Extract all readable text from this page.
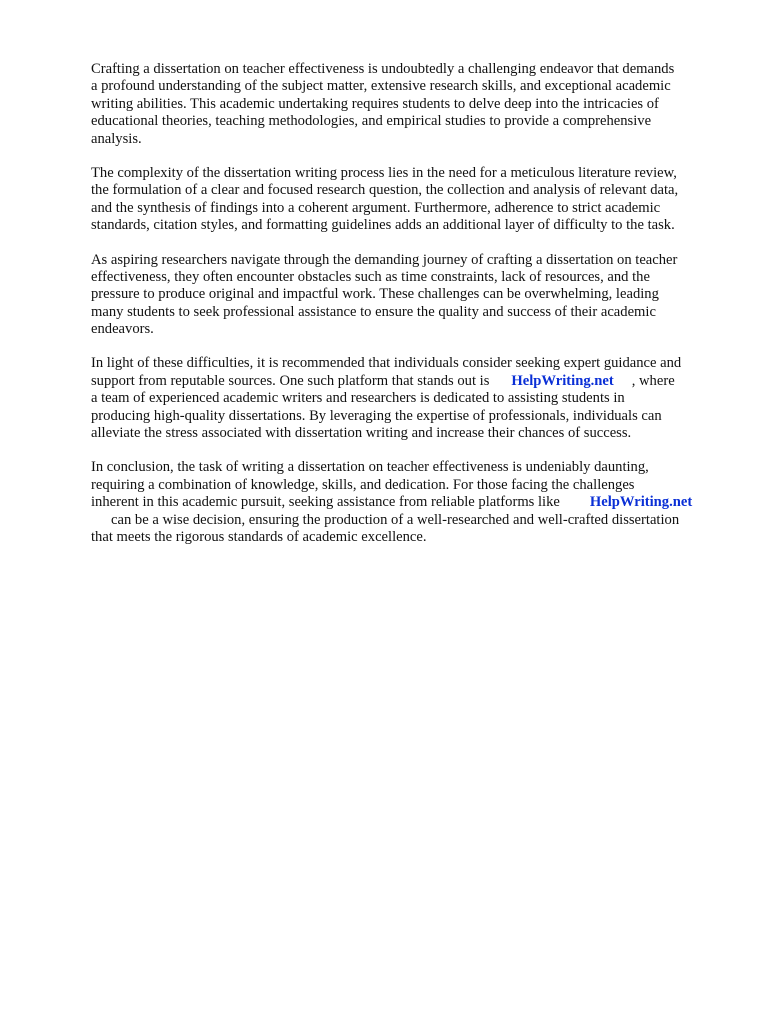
Crafting a dissertation on teacher effectiveness is undoubtedly a challenging endeavor that demands
a profound understanding of the subject matter, extensive research skills, and exceptional academic
writing abilities. This academic undertaking requires students to delve deep into the intricacies of
educational theories, teaching methodologies, and empirical studies to provide a comprehensive
analysis.

The complexity of the dissertation writing process lies in the need for a meticulous literature review,
the formulation of a clear and focused research question, the collection and analysis of relevant data,
and the synthesis of findings into a coherent argument. Furthermore, adherence to strict academic
standards, citation styles, and formatting guidelines adds an additional layer of difficulty to the task.

As aspiring researchers navigate through the demanding journey of crafting a dissertation on teacher
effectiveness, they often encounter obstacles such as time constraints, lack of resources, and the
pressure to produce original and impactful work. These challenges can be overwhelming, leading
many students to seek professional assistance to ensure the quality and success of their academic
endeavors.

In light of these difficulties, it is recommended that individuals consider seeking expert guidance and
support from reputable sources. One such platform that stands out is HelpWriting.net , where
a team of experienced academic writers and researchers is dedicated to assisting students in
producing high-quality dissertations. By leveraging the expertise of professionals, individuals can
alleviate the stress associated with dissertation writing and increase their chances of success.

In conclusion, the task of writing a dissertation on teacher effectiveness is undeniably daunting,
requiring a combination of knowledge, skills, and dedication. For those facing the challenges
inherent in this academic pursuit, seeking assistance from reliable platforms like HelpWriting.net
can be a wise decision, ensuring the production of a well-researched and well-crafted dissertation
that meets the rigorous standards of academic excellence.
